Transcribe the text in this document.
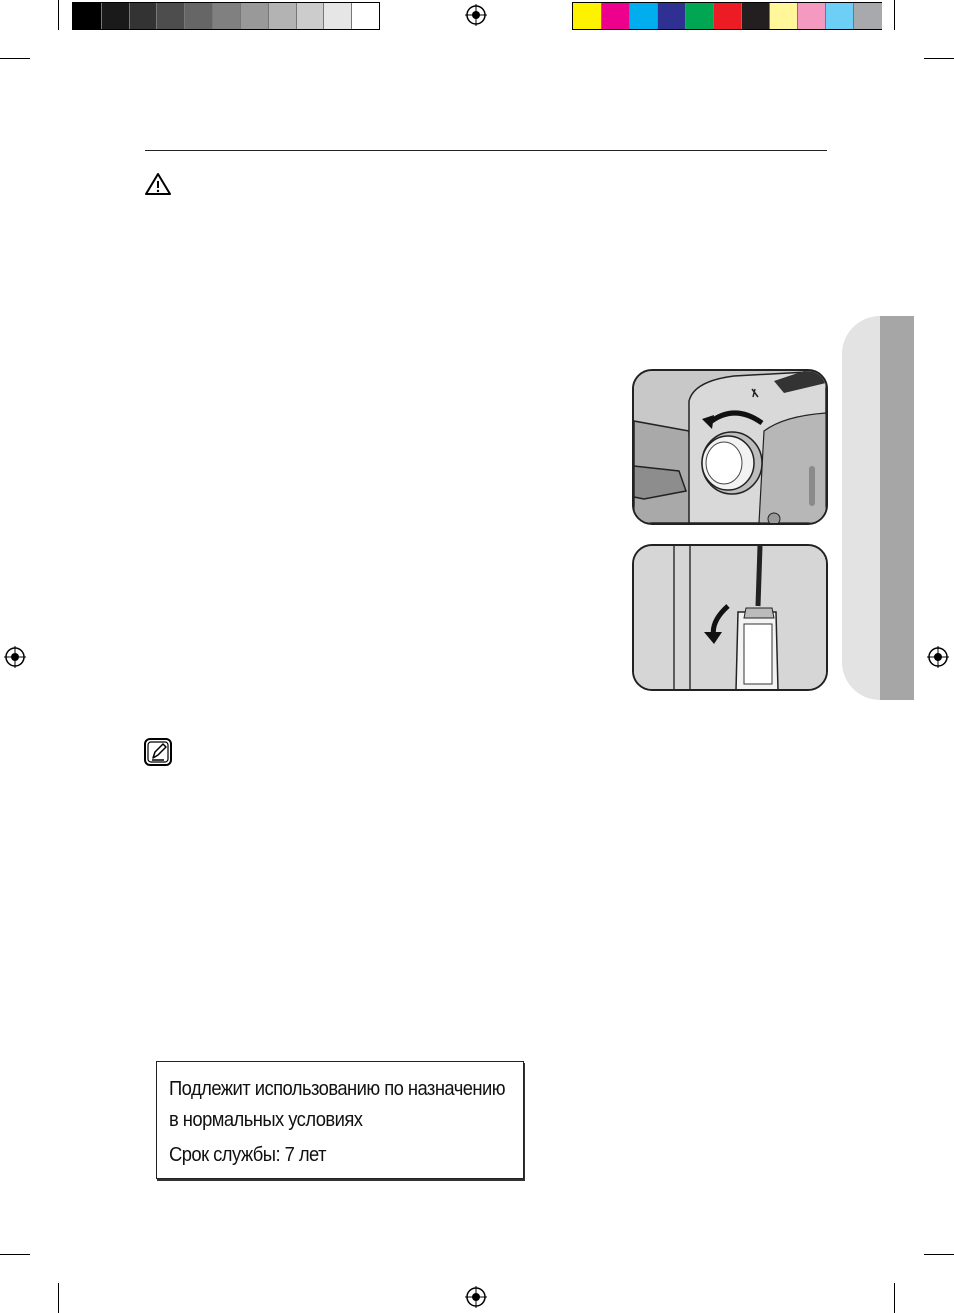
Подлежит использованию по назначению
в нормальных условиях
Срок службы: 7 лет
